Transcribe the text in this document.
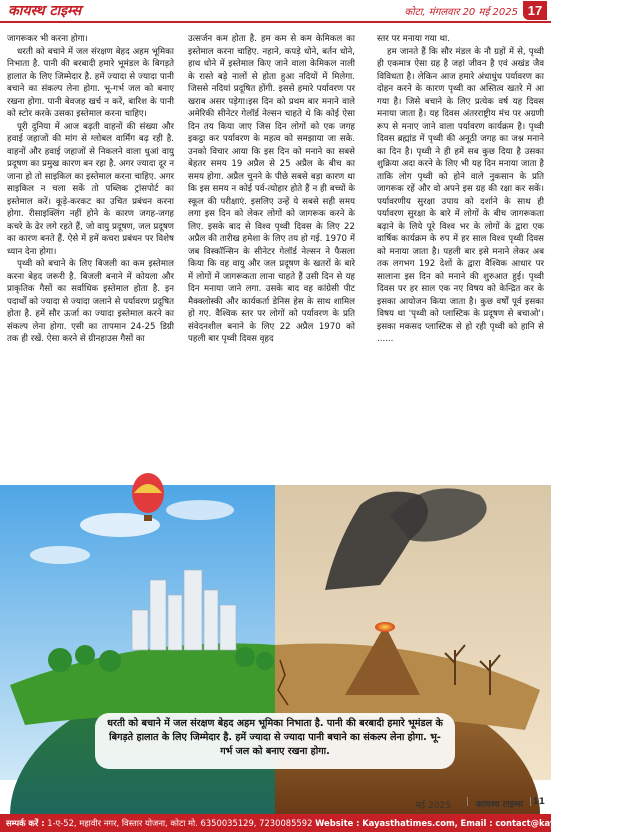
कायस्थ टाइम्स	कोटा, मंगलवार 20 मई 2025 17

जागरूकर भी करना होगा।

धरती को बचाने में जल संरक्षण बेहद अहम भूमिका निभाता है. पानी की बरबादी हमारे भूमंडल के बिगड़ते हालात के लिए जिम्मेदार है. हमें ज्यादा से ज्यादा पानी बचाने का संकल्प लेना होगा. भू-गर्भ जल को बनाए रखना होगा. पानी बेवजह खर्च न करें, बारिश के पानी को स्टोर करके उसका इस्तेमाल करना चाहिए।

पूरी दुनिया में आज बढ़ती वाहनों की संख्या और हवाई जहाजों की मांग से ग्लोबल वार्मिंग बढ़ रही है. वाहनों और हवाई जहाजों से निकलने वाला धुआं वायु प्रदूषण का प्रमुख कारण बन रहा है. अगर ज्यादा दूर न जाना हो तो साइकिल का इस्तेमाल करना चाहिए. अगर साइकिल न चला सकें तो पब्लिक ट्रांसपोर्ट का इस्तेमाल करें। कूड़े-करकट का उचित प्रबंधन करना होगा. रीसाइक्लिंग नहीं होने के कारण जगह-जगह कचरे के ढेर लगे रहते हैं, जो वायु प्रदूषण, जल प्रदूषण का कारण बनते हैं. ऐसे में हमें कचरा प्रबंधन पर विशेष ध्यान देना होगा।

पृथ्वी को बचाने के लिए बिजली का कम इस्तेमाल करना बेहद जरूरी है. बिजली बनाने में कोयला और प्राकृतिक गैसों का सर्वाधिक इस्तेमाल होता है. इन पदार्थों को ज्यादा से ज्यादा जलाने से पर्यावरण प्रदूषित होता है. हमें सौर ऊर्जा का ज्यादा इस्तेमाल करने का संकल्प लेना होगा. एसी का तापमान 24-25 डिग्री तक ही रखें. ऐसा करने से ग्रीनहाउस गैसों का

उत्सर्जन कम होता है. हम कम से कम केमिकल का इस्तेमाल करना चाहिए. नहाने, कपड़े धोने, बर्तन धोने, हाथ धोने में इस्तेमाल किए जाने वाला केमिकल नाली के रास्ते बड़े नालों से होता हुआ नदियों में मिलेगा. जिससे नदियां प्रदूषित होंगी. इससे हमारे पर्यावरण पर खराब असर पड़ेगा।इस दिन को प्रथम बार मनाने वाले अमेरिकी सीनेटर गेलॉर्ड नेल्सन चाहते थे कि कोई ऐसा दिन तय किया जाए जिस दिन लोगों को एक जगह इकट्ठा कर पर्यावरण के महत्व को समझाया जा सके. उनको विचार आया कि इस दिन को मनाने का सबसे बेहतर समय 19 अप्रैल से 25 अप्रैल के बीच का समय होगा. अप्रैल चुनने के पीछे सबसे बड़ा कारण था कि इस समय न कोई पर्व-त्योहार होते हैं न ही बच्चों के स्कूल की परीक्षाएं. इसलिए उन्हें ये सबसे सही समय लगा इस दिन को लेकर लोगों को जागरूक करने के लिए. इसके बाद से विश्व पृथ्वी दिवस के लिए 22 अप्रैल की तारीख हमेशा के लिए तय हो गई. 1970 में जब विस्कॉन्सिन के सीनेटर गेलॉर्ड नेल्सन ने फैसला किया कि वह वायु और जल प्रदूषण के खतरों के बारे में लोगों में जागरूकता लाना चाहते हैं उसी दिन से यह दिन मनाया जाने लगा. उसके बाद वह कांग्रेसी पीट मैक्क्लोस्की और कार्यकर्ता डेनिस हेस के साथ शामिल हो गए. वैश्विक स्तर पर लोगों को पर्यावरण के प्रति संवेदनशील बनाने के लिए 22 अप्रैल 1970 को पहली बार पृथ्वी दिवस वृहद

स्तर पर मनाया गया था.

हम जानते हैं कि सौर मंडल के नौ ग्रहों में से, पृथ्वी ही एकमात्र ऐसा ग्रह है जहां जीवन है एवं अखंड जैव विविधता है। लेकिन आज हमारे अंधाधुंध पर्यावरण का दोहन करने के कारण पृथ्वी का अस्तित्व खतरे में आ गया है। जिसे बचाने के लिए प्रत्येक वर्ष यह दिवस मनाया जाता है। यह दिवस अंतरराष्ट्रीय मंच पर अग्रणी रूप से मनाए जाने वाला पर्यावरण कार्यक्रम है। पृथ्वी दिवस ब्रह्मांड में पृथ्वी की अनूठी जगह का जश्न मनाने का दिन है। पृथ्वी ने ही हमें सब कुछ दिया है उसका शुक्रिया अदा करने के लिए भी यह दिन मनाया जाता है ताकि लोग पृथ्वी को होने वाले नुकसान के प्रति जागरूक रहें और वो अपने इस ग्रह की रक्षा कर सकें। पर्यावरणीय सुरक्षा उपाय को दर्शाने के साथ ही पर्यावरण सुरक्षा के बारे में लोगों के बीच जागरूकता बढ़ाने के लिये पूरे विश्व भर के लोगों के द्वारा एक वार्षिक कार्यक्रम के रुप में हर साल विश्व पृथ्वी दिवस को मनाया जाता है। पहली बार इसे मनाने लेकर अब तक लगभग 192 देशों के द्वारा वैश्विक आधार पर सालाना इस दिन को मनाने की शुरुआत हुई। पृथ्वी दिवस पर हर साल एक नए विषय को केन्द्रित कर के इसका आयोजन किया जाता है। कुछ वर्षों पूर्व इसका विषय था 'पृथ्वी को प्लास्टिक के प्रदूषण से बचाओ'। इसका मकसद प्लास्टिक से हो रही पृथ्वी को हानि से ......

धरती को बचाने में जल संरक्षण बेहद अहम भूमिका निभाता है. पानी की बरबादी हमारे भूमंडल के बिगड़ते हालात के लिए जिम्मेदार है. हमें ज्यादा से ज्यादा पानी बचाने का संकल्प लेना होगा. भू-गर्भ जल को बनाए रखना होगा.
मई 2025 | कायस्थ टाइम्स | 11
सम्पर्क करें : 1-ए-52, महावीर नगर, विस्तार योजना, कोटा मो. 6350035129, 7230085592 Website : Kayasthatimes.com, Email : contact@kayasthatimes.com
